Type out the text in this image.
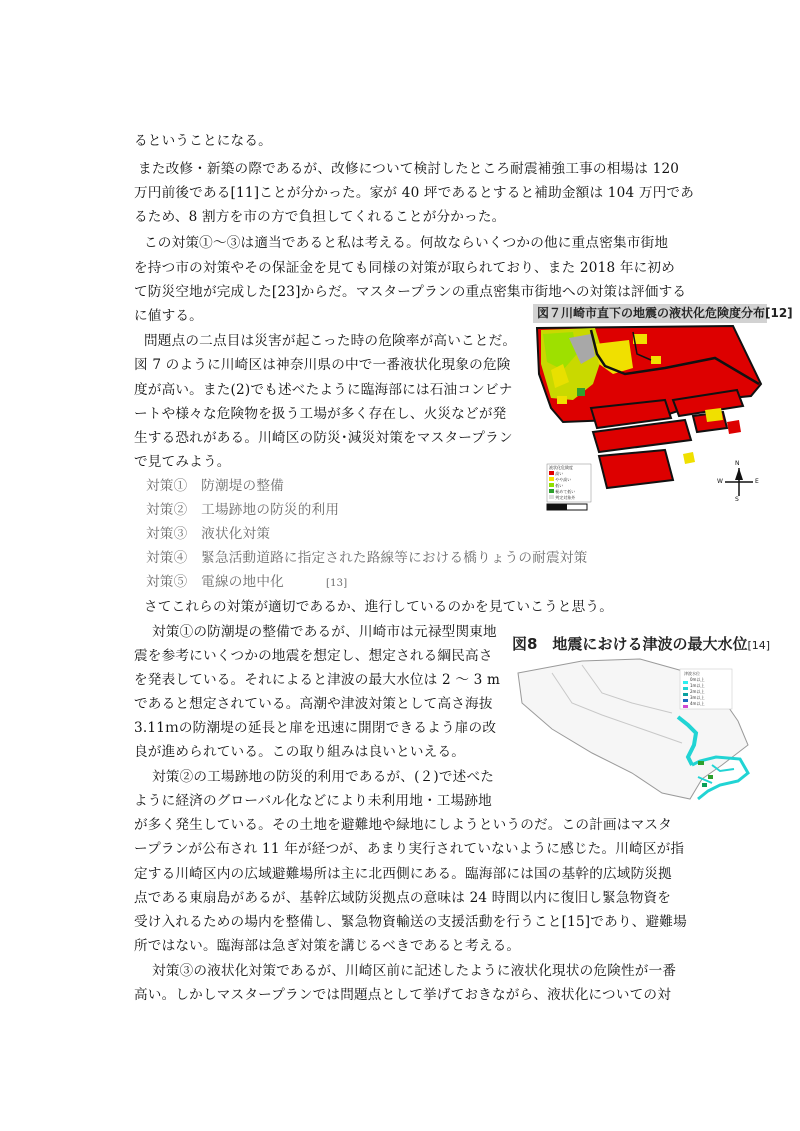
るということになる。
また改修・新築の際であるが、改修について検討したところ耐震補強工事の相場は 120
万円前後である[11]ことが分かった。家が 40 坪であるとすると補助金額は 104 万円であ
るため、8 割方を市の方で負担してくれることが分かった。
この対策①～③は適当であると私は考える。何故ならいくつかの他に重点密集市街地
を持つ市の対策やその保証金を見ても同様の対策が取られており、また 2018 年に初め
て防災空地が完成した[23]からだ。マスタープランの重点密集市街地への対策は評価する
に値する。
問題点の二点目は災害が起こった時の危険率が高いことだ。
図 7 のように川崎区は神奈川県の中で一番液状化現象の危険
度が高い。また(2)でも述べたように臨海部には石油コンビナ
ートや様々な危険物を扱う工場が多く存在し、火災などが発
生する恐れがある。川崎区の防災･減災対策をマスタープラン
で見てみよう。
対策①　防潮堤の整備
対策②　工場跡地の防災的利用
対策③　液状化対策
対策④　緊急活動道路に指定された路線等における橋りょうの耐震対策
対策⑤　電線の地中化	[13]
さてこれらの対策が適切であるか、進行しているのかを見ていこうと思う。
対策①の防潮堤の整備であるが、川崎市は元禄型関東地
震を参考にいくつかの地震を想定し、想定される綱民高さ
を発表している。それによると津波の最大水位は 2 ～ 3 m
であると想定されている。高潮や津波対策として高さ海抜
3.11ｍの防潮堤の延長と扉を迅速に開閉できるよう扉の改
良が進められている。この取り組みは良いといえる。
対策②の工場跡地の防災的利用であるが、(２)で述べた
ように経済のグローバル化などにより未利用地・工場跡地
が多く発生している。その土地を避難地や緑地にしようというのだ。この計画はマスタ
ープランが公布され 11 年が経つが、あまり実行されていないように感じた。川崎区が指
定する川崎区内の広域避難場所は主に北西側にある。臨海部には国の基幹的広域防災拠
点である東扇島があるが、基幹広域防災拠点の意味は 24 時間以内に復旧し緊急物資を
受け入れるための場内を整備し、緊急物資輸送の支援活動を行うこと[15]であり、避難場
所ではない。臨海部は急ぎ対策を講じるべきであると考える。
対策③の液状化対策であるが、川崎区前に記述したように液状化現状の危険性が一番
高い。しかしマスタープランでは問題点として挙げておきながら、液状化についての対
図７川崎市直下の地震の液状化危険度分布[12]
液状化危険度
高い
やや高い
低い
極めて低い
判定対象外
N
S
E
W
図8　地震における津波の最大水位[14]
津波水位
0m以上
1m以上
2m以上
3m以上
4m以上
